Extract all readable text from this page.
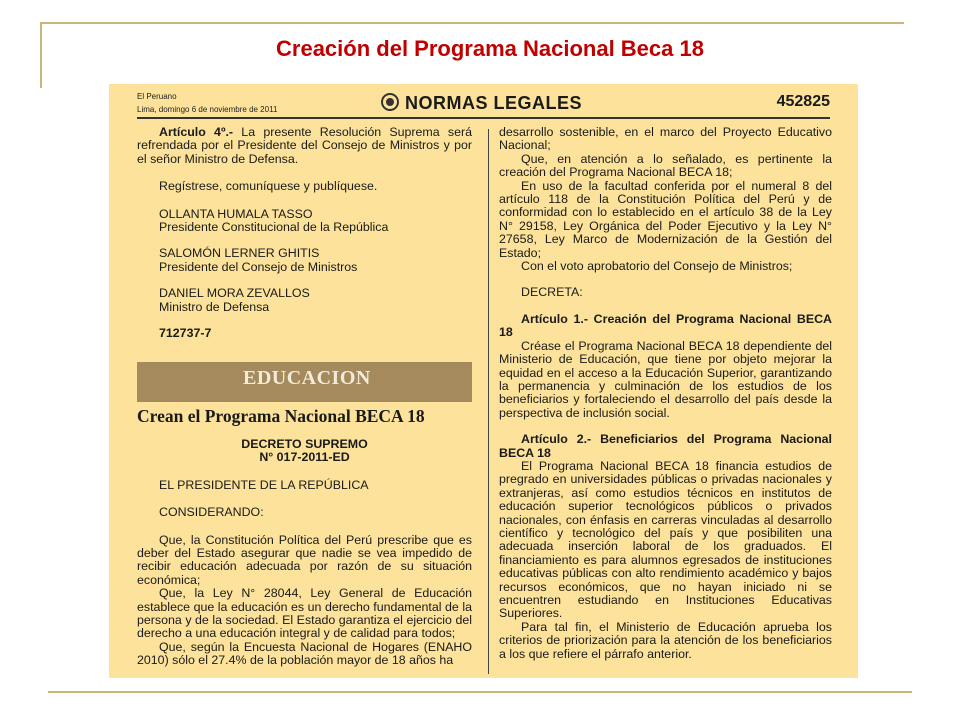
Creación del Programa Nacional Beca 18
El Peruano
Lima, domingo 6 de noviembre de 2011	NORMAS LEGALES	452825

Artículo 4º.- La presente Resolución Suprema será refrendada por el Presidente del Consejo de Ministros y por el señor Ministro de Defensa.

Regístrese, comuníquese y publíquese.

OLLANTA HUMALA TASSO

Presidente Constitucional de la República

SALOMÓN LERNER GHITIS

Presidente del Consejo de Ministros

DANIEL MORA ZEVALLOS

Ministro de Defensa

712737-7

EDUCACION
Crean el Programa Nacional BECA 18

DECRETO SUPREMO

N° 017-2011-ED

EL PRESIDENTE DE LA REPÚBLICA

CONSIDERANDO:

Que, la Constitución Política del Perú prescribe que es deber del Estado asegurar que nadie se vea impedido de recibir educación adecuada por razón de su situación económica;

Que, la Ley N° 28044, Ley General de Educación establece que la educación es un derecho fundamental de la persona y de la sociedad. El Estado garantiza el ejercicio del derecho a una educación integral y de calidad para todos;

Que, según la Encuesta Nacional de Hogares (ENAHO 2010) sólo el 27.4% de la población mayor de 18 años ha

desarrollo sostenible, en el marco del Proyecto Educativo Nacional;

Que, en atención a lo señalado, es pertinente la creación del Programa Nacional BECA 18;

En uso de la facultad conferida por el numeral 8 del artículo 118 de la Constitución Política del Perú y de conformidad con lo establecido en el artículo 38 de la Ley N° 29158, Ley Orgánica del Poder Ejecutivo y la Ley N° 27658, Ley Marco de Modernización de la Gestión del Estado;

Con el voto aprobatorio del Consejo de Ministros;

DECRETA:

Artículo 1.- Creación del Programa Nacional BECA 18

Créase el Programa Nacional BECA 18 dependiente del Ministerio de Educación, que tiene por objeto mejorar la equidad en el acceso a la Educación Superior, garantizando la permanencia y culminación de los estudios de los beneficiarios y fortaleciendo el desarrollo del país desde la perspectiva de inclusión social.

Artículo 2.- Beneficiarios del Programa Nacional BECA 18

El Programa Nacional BECA 18 financia estudios de pregrado en universidades públicas o privadas nacionales y extranjeras, así como estudios técnicos en institutos de educación superior tecnológicos públicos o privados nacionales, con énfasis en carreras vinculadas al desarrollo científico y tecnológico del país y que posibiliten una adecuada inserción laboral de los graduados. El financiamiento es para alumnos egresados de instituciones educativas públicas con alto rendimiento académico y bajos recursos económicos, que no hayan iniciado ni se encuentren estudiando en Instituciones Educativas Superiores.

Para tal fin, el Ministerio de Educación aprueba los criterios de priorización para la atención de los beneficiarios a los que refiere el párrafo anterior.
